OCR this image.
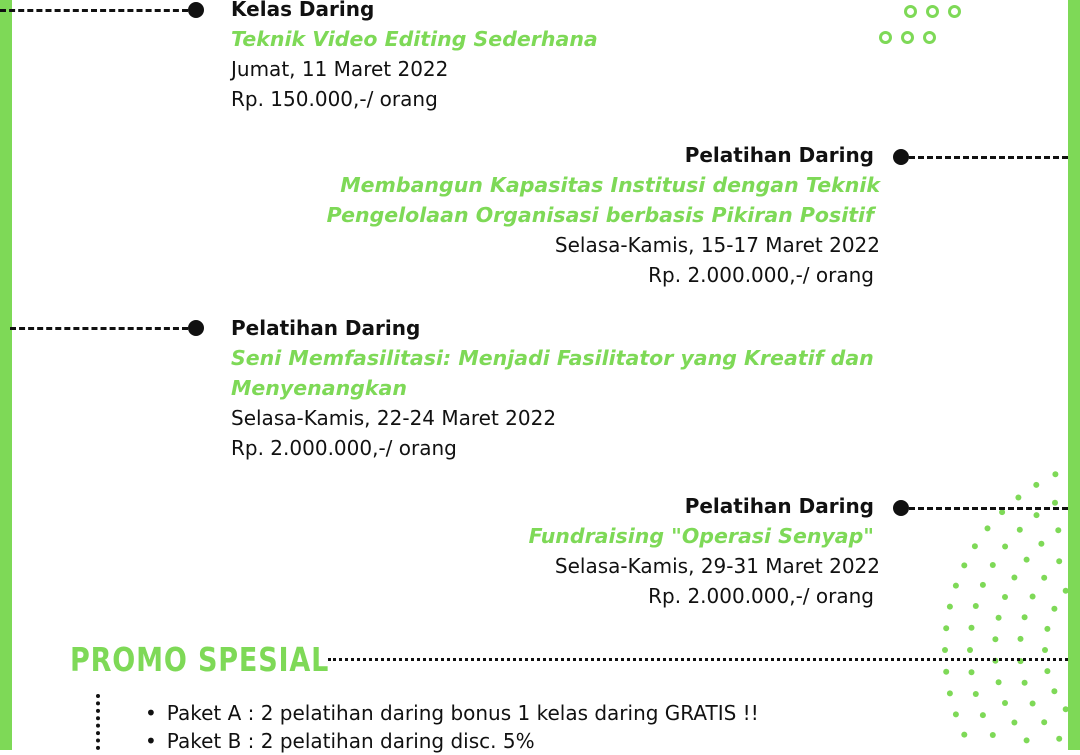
Kelas Daring
Teknik Video Editing Sederhana
Jumat, 11 Maret 2022
Rp. 150.000,-/ orang
Pelatihan Daring
Membangun Kapasitas Institusi dengan Teknik
Pengelolaan Organisasi berbasis Pikiran Positif
Selasa-Kamis, 15-17 Maret 2022
Rp. 2.000.000,-/ orang
Pelatihan Daring
Seni Memfasilitasi: Menjadi Fasilitator yang Kreatif dan
Menyenangkan
Selasa-Kamis, 22-24 Maret 2022
Rp. 2.000.000,-/ orang
Pelatihan Daring
Fundraising "Operasi Senyap"
Selasa-Kamis, 29-31 Maret 2022
Rp. 2.000.000,-/ orang
PROMO SPESIAL
• Paket A : 2 pelatihan daring bonus 1 kelas daring GRATIS !!
• Paket B : 2 pelatihan daring disc. 5%
